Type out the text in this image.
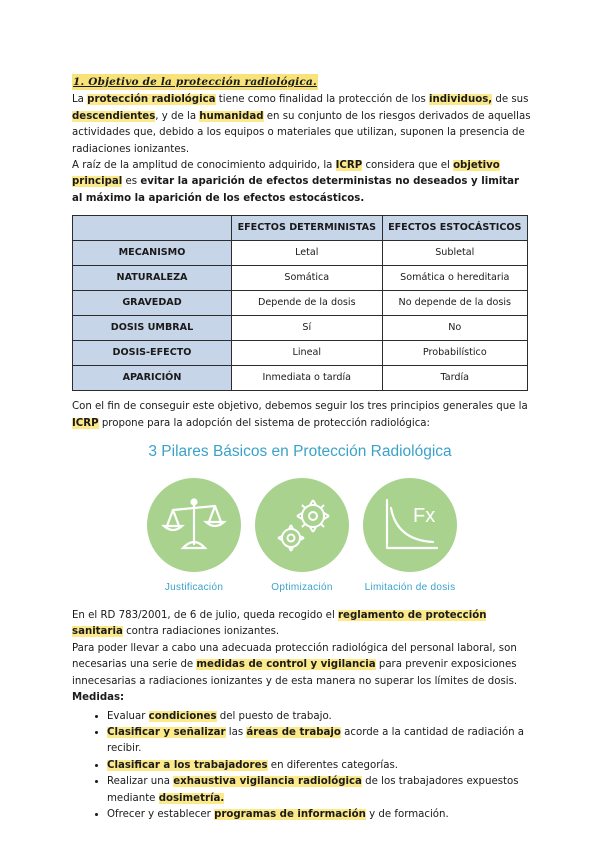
1. Objetivo de la protección radiológica.

La protección radiológica tiene como finalidad la protección de los individuos, de sus descendientes, y de la humanidad en su conjunto de los riesgos derivados de aquellas actividades que, debido a los equipos o materiales que utilizan, suponen la presencia de radiaciones ionizantes.

A raíz de la amplitud de conocimiento adquirido, la ICRP considera que el objetivo principal es evitar la aparición de efectos deterministas no deseados y limitar al máximo la aparición de los efectos estocásticos.

	EFECTOS DETERMINISTAS	EFECTOS ESTOCÁSTICOS
MECANISMO	Letal	Subletal
NATURALEZA	Somática	Somática o hereditaria
GRAVEDAD	Depende de la dosis	No depende de la dosis
DOSIS UMBRAL	Sí	No
DOSIS-EFECTO	Lineal	Probabilístico
APARICIÓN	Inmediata o tardía	Tardía

Con el fin de conseguir este objetivo, debemos seguir los tres principios generales que la ICRP propone para la adopción del sistema de protección radiológica:

3 Pilares Básicos en Protección Radiológica
Justificación	Optimización
Fx
Limitación de dosis

En el RD 783/2001, de 6 de julio, queda recogido el reglamento de protección sanitaria contra radiaciones ionizantes.

Para poder llevar a cabo una adecuada protección radiológica del personal laboral, son necesarias una serie de medidas de control y vigilancia para prevenir exposiciones innecesarias a radiaciones ionizantes y de esta manera no superar los límites de dosis.

Medidas:

• Evaluar condiciones del puesto de trabajo.
• Clasificar y señalizar las áreas de trabajo acorde a la cantidad de radiación a recibir.
• Clasificar a los trabajadores en diferentes categorías.
• Realizar una exhaustiva vigilancia radiológica de los trabajadores expuestos mediante dosimetría.
• Ofrecer y establecer programas de información y de formación.
